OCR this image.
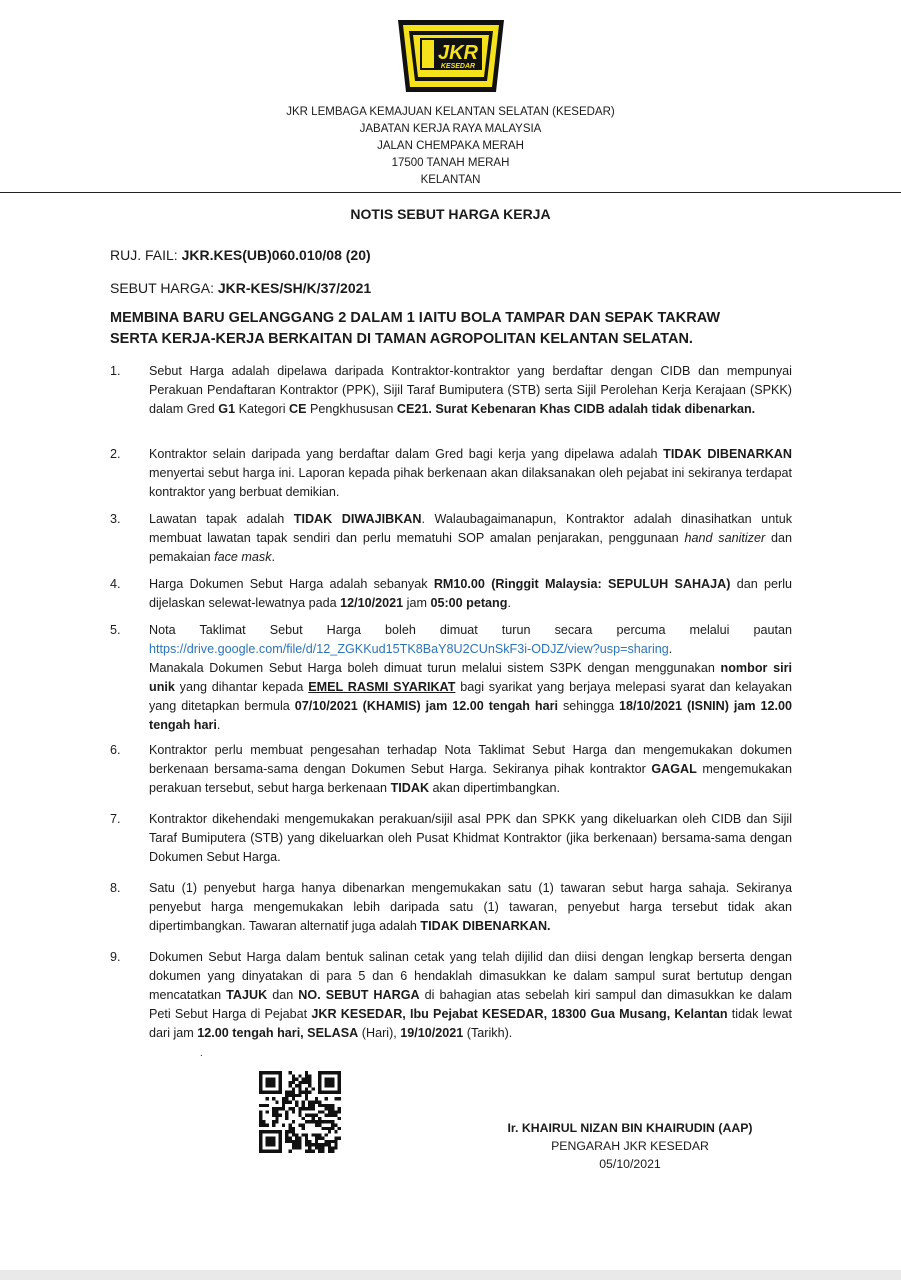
JKR
KESEDAR
JKR LEMBAGA KEMAJUAN KELANTAN SELATAN (KESEDAR)
JABATAN KERJA RAYA MALAYSIA
JALAN CHEMPAKA MERAH
17500 TANAH MERAH
KELANTAN
NOTIS SEBUT HARGA KERJA
RUJ. FAIL: JKR.KES(UB)060.010/08 (20)
SEBUT HARGA: JKR-KES/SH/K/37/2021
MEMBINA BARU GELANGGANG 2 DALAM 1 IAITU BOLA TAMPAR DAN SEPAK TAKRAW
SERTA KERJA-KERJA BERKAITAN DI TAMAN AGROPOLITAN KELANTAN SELATAN.
1.	Sebut Harga adalah dipelawa daripada Kontraktor-kontraktor yang berdaftar dengan CIDB dan mempunyai Perakuan Pendaftaran Kontraktor (PPK), Sijil Taraf Bumiputera (STB) serta Sijil Perolehan Kerja Kerajaan (SPKK) dalam Gred G1 Kategori CE Pengkhususan CE21. Surat Kebenaran Khas CIDB adalah tidak dibenarkan.
2.	Kontraktor selain daripada yang berdaftar dalam Gred bagi kerja yang dipelawa adalah TIDAK DIBENARKAN menyertai sebut harga ini. Laporan kepada pihak berkenaan akan dilaksanakan oleh pejabat ini sekiranya terdapat kontraktor yang berbuat demikian.
3.	Lawatan tapak adalah TIDAK DIWAJIBKAN. Walaubagaimanapun, Kontraktor adalah dinasihatkan untuk membuat lawatan tapak sendiri dan perlu mematuhi SOP amalan penjarakan, penggunaan hand sanitizer dan pemakaian face mask.
4.	Harga Dokumen Sebut Harga adalah sebanyak RM10.00 (Ringgit Malaysia: SEPULUH SAHAJA) dan perlu dijelaskan selewat-lewatnya pada 12/10/2021 jam 05:00 petang.
5.	Nota Taklimat Sebut Harga boleh dimuat turun secara percuma melalui pautan https://drive.google.com/file/d/12_ZGKKud15TK8BaY8U2CUnSkF3i-ODJZ/view?usp=sharing.
Manakala Dokumen Sebut Harga boleh dimuat turun melalui sistem S3PK dengan menggunakan nombor siri unik yang dihantar kepada EMEL RASMI SYARIKAT bagi syarikat yang berjaya melepasi syarat dan kelayakan yang ditetapkan bermula 07/10/2021 (KHAMIS) jam 12.00 tengah hari sehingga 18/10/2021 (ISNIN) jam 12.00 tengah hari.
6.	Kontraktor perlu membuat pengesahan terhadap Nota Taklimat Sebut Harga dan mengemukakan dokumen berkenaan bersama-sama dengan Dokumen Sebut Harga. Sekiranya pihak kontraktor GAGAL mengemukakan perakuan tersebut, sebut harga berkenaan TIDAK akan dipertimbangkan.
7.	Kontraktor dikehendaki mengemukakan perakuan/sijil asal PPK dan SPKK yang dikeluarkan oleh CIDB dan Sijil Taraf Bumiputera (STB) yang dikeluarkan oleh Pusat Khidmat Kontraktor (jika berkenaan) bersama-sama dengan Dokumen Sebut Harga.
8.	Satu (1) penyebut harga hanya dibenarkan mengemukakan satu (1) tawaran sebut harga sahaja. Sekiranya penyebut harga mengemukakan lebih daripada satu (1) tawaran, penyebut harga tersebut tidak akan dipertimbangkan. Tawaran alternatif juga adalah TIDAK DIBENARKAN.
9.	Dokumen Sebut Harga dalam bentuk salinan cetak yang telah dijilid dan diisi dengan lengkap berserta dengan dokumen yang dinyatakan di para 5 dan 6 hendaklah dimasukkan ke dalam sampul surat bertutup dengan mencatatkan TAJUK dan NO. SEBUT HARGA di bahagian atas sebelah kiri sampul dan dimasukkan ke dalam Peti Sebut Harga di Pejabat JKR KESEDAR, Ibu Pejabat KESEDAR, 18300 Gua Musang, Kelantan tidak lewat dari jam 12.00 tengah hari, SELASA (Hari), 19/10/2021 (Tarikh).
.
Ir. KHAIRUL NIZAN BIN KHAIRUDIN (AAP)
PENGARAH JKR KESEDAR
05/10/2021
